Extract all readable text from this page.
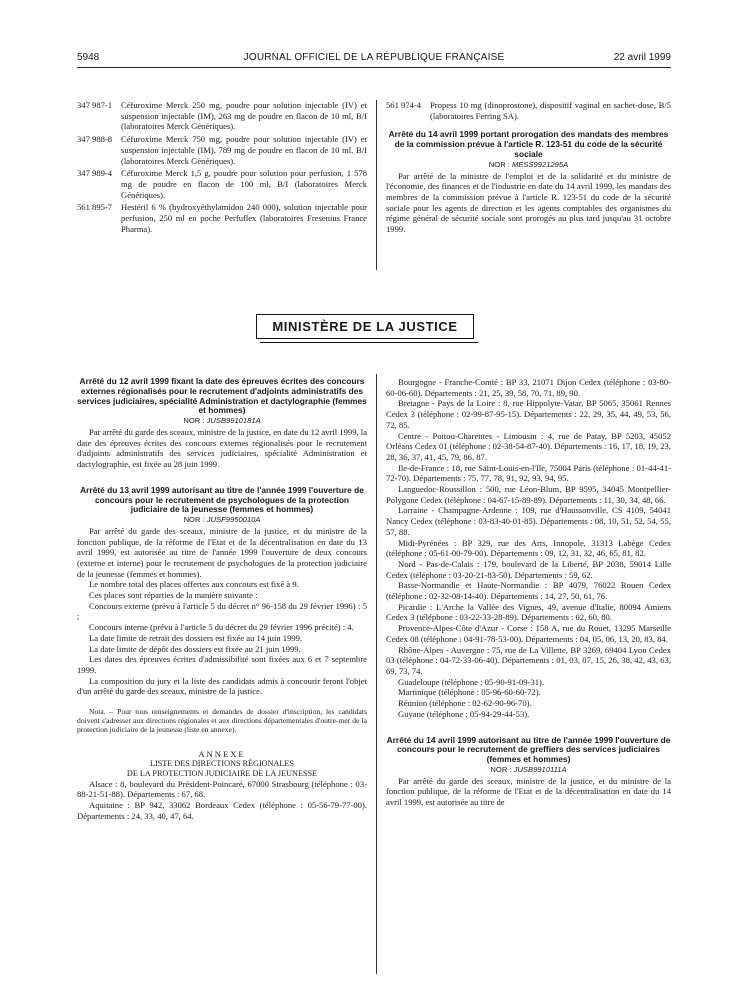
5948	JOURNAL OFFICIEL DE LA RÉPUBLIQUE FRANÇAISE	22 avril 1999
347 987-1	Céfuroxime Merck 250 mg, poudre pour solution injectable (IV) et suspension injectable (IM), 263 mg de poudre en flacon de 10 ml, B/I (laboratoires Merck Génériques).
347 988-8	Céfuroxime Merck 750 mg, poudre pour solution injectable (IV) et suspension injectable (IM), 789 mg de poudre en flacon de 10 ml, B/I (laboratoires Merck Génériques).
347 989-4	Céfuroxime Merck 1,5 g, poudre pour solution pour perfusion, 1 578 mg de poudre en flacon de 100 ml, B/I (laboratoires Merck Génériques).
561 895-7	Hestéril 6 % (hydroxyéthylamidon 240 000), solution injectable pour perfusion, 250 ml en poche Perfuflex (laboratoires Fresenius France Pharma).
561 974-4	Propess 10 mg (dinoprostone), dispositif vaginal en sachet-dose, B/5 (laboratoires Ferring SA).

Arrêté du 14 avril 1999 portant prorogation des mandats des membres de la commission prévue à l'article R. 123-51 du code de la sécurité sociale

NOR : MESS9921295A

Par arrêté de la ministre de l'emploi et de la solidarité et du ministre de l'économie, des finances et de l'industrie en date du 14 avril 1999, les mandats des membres de la commission prévue à l'article R. 123-51 du code de la sécurité sociale pour les agents de direction et les agents comptables des organismes du régime général de sécurité sociale sont prorogés au plus tard jusqu'au 31 octobre 1999.

MINISTÈRE DE LA JUSTICE

Arrêté du 12 avril 1999 fixant la date des épreuves écrites des concours externes régionalisés pour le recrutement d'adjoints administratifs des services judiciaires, spécialité Administration et dactylographie (femmes et hommes)

NOR : JUSB9910181A

Par arrêté du garde des sceaux, ministre de la justice, en date du 12 avril 1999, la date des épreuves écrites des concours externes régionalisés pour le recrutement d'adjoints administratifs des services judiciaires, spécialité Administration et dactylographie, est fixée au 28 juin 1999.

Arrêté du 13 avril 1999 autorisant au titre de l'année 1999 l'ouverture de concours pour le recrutement de psychologues de la protection judiciaire de la jeunesse (femmes et hommes)

NOR : JUSF9950010A

Par arrêté du garde des sceaux, ministre de la justice, et du ministre de la fonction publique, de la réforme de l'Etat et de la décentralisation en date du 13 avril 1999, est autorisée au titre de l'année 1999 l'ouverture de deux concours (externe et interne) pour le recrutement de psychologues de la protection judiciaire de la jeunesse (femmes et hommes).

Le nombre total des places offertes aux concours est fixé à 9.

Ces places sont réparties de la manière suivante :

Concours externe (prévu à l'article 5 du décret n° 96-158 du 29 février 1996) : 5 ;

Concours interne (prévu à l'article 5 du décret du 29 février 1996 précité) : 4.

La date limite de retrait des dossiers est fixée au 14 juin 1999.

La date limite de dépôt des dossiers est fixée au 21 juin 1999.

Les dates des épreuves écrites d'admissibilité sont fixées aux 6 et 7 septembre 1999.

La composition du jury et la liste des candidats admis à concourir feront l'objet d'un arrêté du garde des sceaux, ministre de la justice.

Nota. – Pour tous renseignements et demandes de dossier d'inscription, les candidats doivent s'adresser aux directions régionales et aux directions départementales d'outre-mer de la protection judiciaire de la jeunesse (liste en annexe).

ANNEXE

LISTE DES DIRECTIONS RÉGIONALES
DE LA PROTECTION JUDICIAIRE DE LA JEUNESSE

Alsace : 8, boulevard du Président-Poincaré, 67000 Strasbourg (téléphone : 03-88-21-51-88). Départements : 67, 68.

Aquitaine : BP 942, 33062 Bordeaux Cedex (téléphone : 05-56-79-77-00). Départements : 24, 33, 40, 47, 64.

Bourgogne - Franche-Comté : BP 33, 21071 Dijon Cedex (téléphone : 03-80-60-06-60). Départements : 21, 25, 39, 58, 70, 71, 89, 90.

Bretagne - Pays de la Loire : 8, rue Hippolyte-Vatar, BP 5065, 35061 Rennes Cedex 3 (téléphone : 02-99-87-95-15). Départements : 22, 29, 35, 44, 49, 53, 56, 72, 85.

Centre - Poitou-Charentes - Limousin : 4, rue de Patay, BP 5203, 45052 Orléans Cedex 01 (téléphone : 02-38-54-87-40). Départements : 16, 17, 18, 19, 23, 28, 36, 37, 41, 45, 79, 86, 87.

Ile-de-France : 18, rue Saint-Louis-en-l'Ile, 75004 Paris (téléphone : 01-44-41-72-70). Départements : 75, 77, 78, 91, 92, 93, 94, 95.

Languedoc-Roussillon : 500, rue Léon-Blum, BP 9595, 34045 Montpellier-Polygone Cedex (téléphone : 04-67-15-89-89). Départements : 11, 30, 34, 48, 66.

Lorraine - Champagne-Ardenne : 109, rue d'Haussonville, CS 4109, 54041 Nancy Cedex (téléphone : 03-83-40-01-85). Départements : 08, 10, 51, 52, 54, 55, 57, 88.

Midi-Pyrénées : BP 329, rue des Arts, Innopole, 31313 Labège Cedex (téléphone : 05-61-00-79-00). Départements : 09, 12, 31, 32, 46, 65, 81, 82.

Nord - Pas-de-Calais : 179, boulevard de la Liberté, BP 2038, 59014 Lille Cedex (téléphone : 03-20-21-83-50). Départements : 59, 62.

Basse-Normandie et Haute-Normandie : BP 4079, 76022 Rouen Cedex (téléphone : 02-32-08-14-40). Départements : 14, 27, 50, 61, 76.

Picardie : L'Arche la Vallée des Vignes, 49, avenue d'Italie, 80094 Amiens Cedex 3 (téléphone : 03-22-33-28-89). Départements : 02, 60, 80.

Provence-Alpes-Côte d'Azur - Corse : 158 A, rue du Rouet, 13295 Marseille Cedex 08 (téléphone : 04-91-78-53-00). Départements : 04, 05, 06, 13, 20, 83, 84.

Rhône-Alpes - Auvergne : 75, rue de La Villette, BP 3269, 69404 Lyon Cedex 03 (téléphone : 04-72-33-06-40). Départements : 01, 03, 07, 15, 26, 38, 42, 43, 63, 69, 73, 74.

Guadeloupe (téléphone : 05-90-91-09-31).

Martinique (téléphone : 05-96-60-60-72).

Réunion (téléphone : 02-62-90-96-70).

Guyane (téléphone : 05-94-29-44-53).

Arrêté du 14 avril 1999 autorisant au titre de l'année 1999 l'ouverture de concours pour le recrutement de greffiers des services judiciaires (femmes et hommes)

NOR : JUSB9910111A

Par arrêté du garde des sceaux, ministre de la justice, et du ministre de la fonction publique, de la réforme de l'Etat et de la décentralisation en date du 14 avril 1999, est autorisée au titre de
